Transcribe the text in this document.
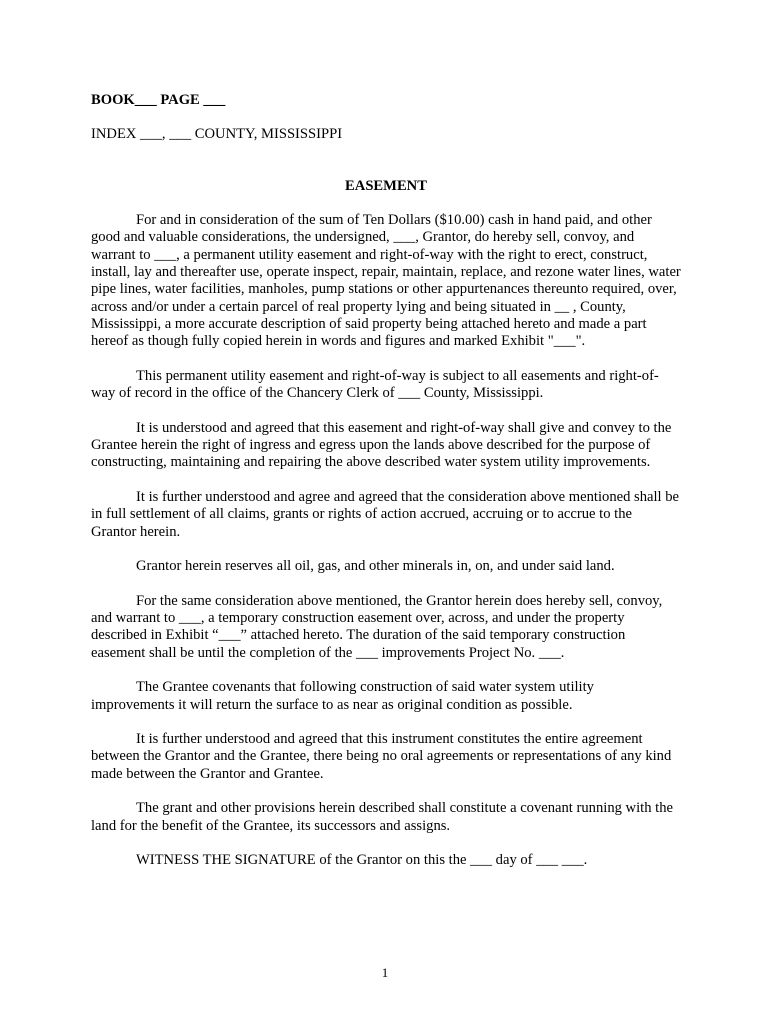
BOOK___ PAGE ___

INDEX ___, ___ COUNTY, MISSISSIPPI

EASEMENT

For and in consideration of the sum of Ten Dollars ($10.00) cash in hand paid, and other good and valuable considerations, the undersigned, ___, Grantor, do hereby sell, convoy, and warrant to ___, a permanent utility easement and right-of-way with the right to erect, construct, install, lay and thereafter use, operate inspect, repair, maintain, replace, and rezone water lines, water pipe lines, water facilities, manholes, pump stations or other appurtenances thereunto required, over, across and/or under a certain parcel of real property lying and being situated in __ , County, Mississippi, a more accurate description of said property being attached hereto and made a part hereof as though fully copied herein in words and figures and marked Exhibit "___".

This permanent utility easement and right-of-way is subject to all easements and right-of-way of record in the office of the Chancery Clerk of ___ County, Mississippi.

It is understood and agreed that this easement and right-of-way shall give and convey to the Grantee herein the right of ingress and egress upon the lands above described for the purpose of constructing, maintaining and repairing the above described water system utility improvements.

It is further understood and agree and agreed that the consideration above mentioned shall be in full settlement of all claims, grants or rights of action accrued, accruing or to accrue to the Grantor herein.

Grantor herein reserves all oil, gas, and other minerals in, on, and under said land.

For the same consideration above mentioned, the Grantor herein does hereby sell, convoy, and warrant to ___, a temporary construction easement over, across, and under the property described in Exhibit “___” attached hereto. The duration of the said temporary construction easement shall be until the completion of the ___ improvements Project No. ___.

The Grantee covenants that following construction of said water system utility improvements it will return the surface to as near as original condition as possible.

It is further understood and agreed that this instrument constitutes the entire agreement between the Grantor and the Grantee, there being no oral agreements or representations of any kind made between the Grantor and Grantee.

The grant and other provisions herein described shall constitute a covenant running with the land for the benefit of the Grantee, its successors and assigns.

WITNESS THE SIGNATURE of the Grantor on this the ___ day of ___ ___.

1
